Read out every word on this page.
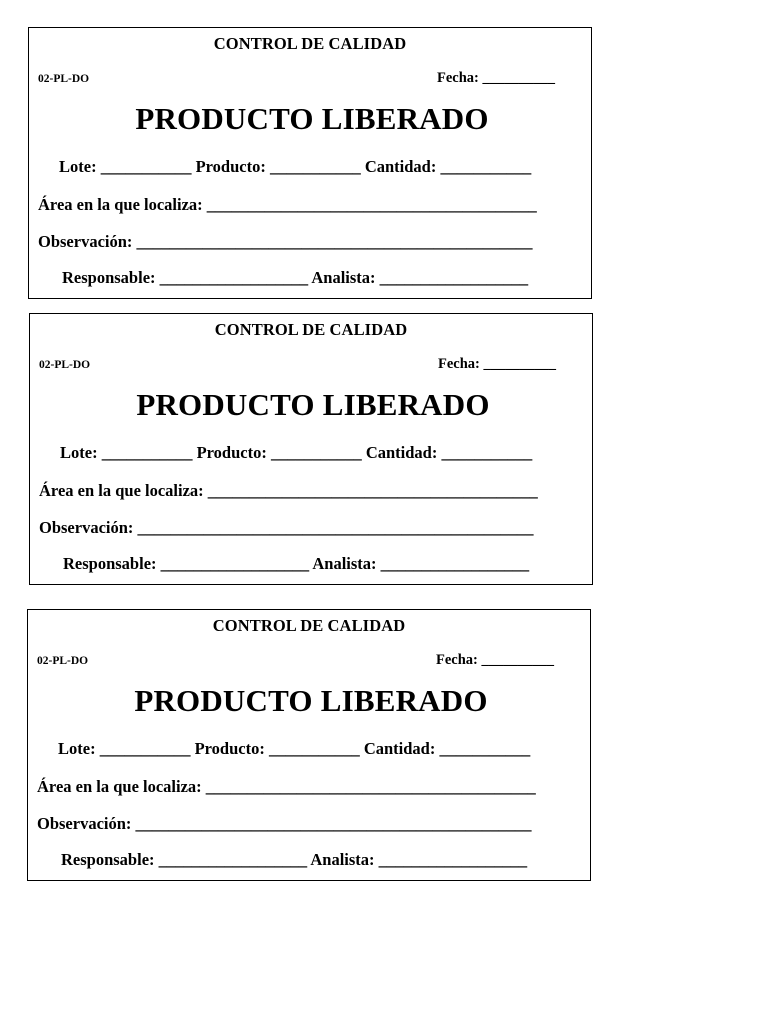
CONTROL DE CALIDAD
02-PL-DO	Fecha: __________
PRODUCTO LIBERADO
Lote: ___________ Producto: ___________ Cantidad: ___________
Área en la que localiza: ________________________________________
Observación: ________________________________________________
Responsable: __________________ Analista: __________________
CONTROL DE CALIDAD
02-PL-DO	Fecha: __________
PRODUCTO LIBERADO
Lote: ___________ Producto: ___________ Cantidad: ___________
Área en la que localiza: ________________________________________
Observación: ________________________________________________
Responsable: __________________ Analista: __________________
CONTROL DE CALIDAD
02-PL-DO	Fecha: __________
PRODUCTO LIBERADO
Lote: ___________ Producto: ___________ Cantidad: ___________
Área en la que localiza: ________________________________________
Observación: ________________________________________________
Responsable: __________________ Analista: __________________
